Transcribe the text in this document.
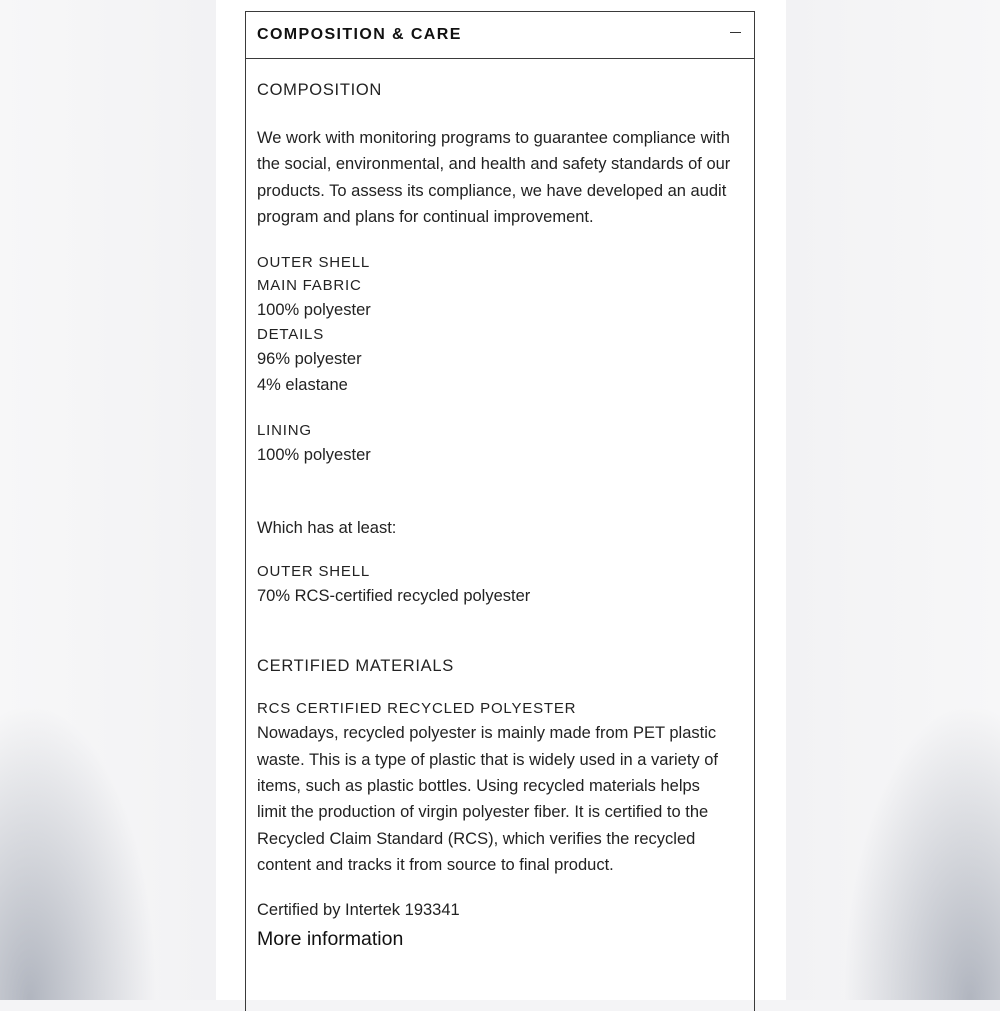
COMPOSITION & CARE
COMPOSITION
We work with monitoring programs to guarantee compliance with
the social, environmental, and health and safety standards of our
products. To assess its compliance, we have developed an audit
program and plans for continual improvement.
OUTER SHELL
MAIN FABRIC
100% polyester
DETAILS
96% polyester
4% elastane
LINING
100% polyester
Which has at least:
OUTER SHELL
70% RCS-certified recycled polyester
CERTIFIED MATERIALS
RCS CERTIFIED RECYCLED POLYESTER
Nowadays, recycled polyester is mainly made from PET plastic
waste. This is a type of plastic that is widely used in a variety of
items, such as plastic bottles. Using recycled materials helps
limit the production of virgin polyester fiber. It is certified to the
Recycled Claim Standard (RCS), which verifies the recycled
content and tracks it from source to final product.
Certified by Intertek 193341
More information
